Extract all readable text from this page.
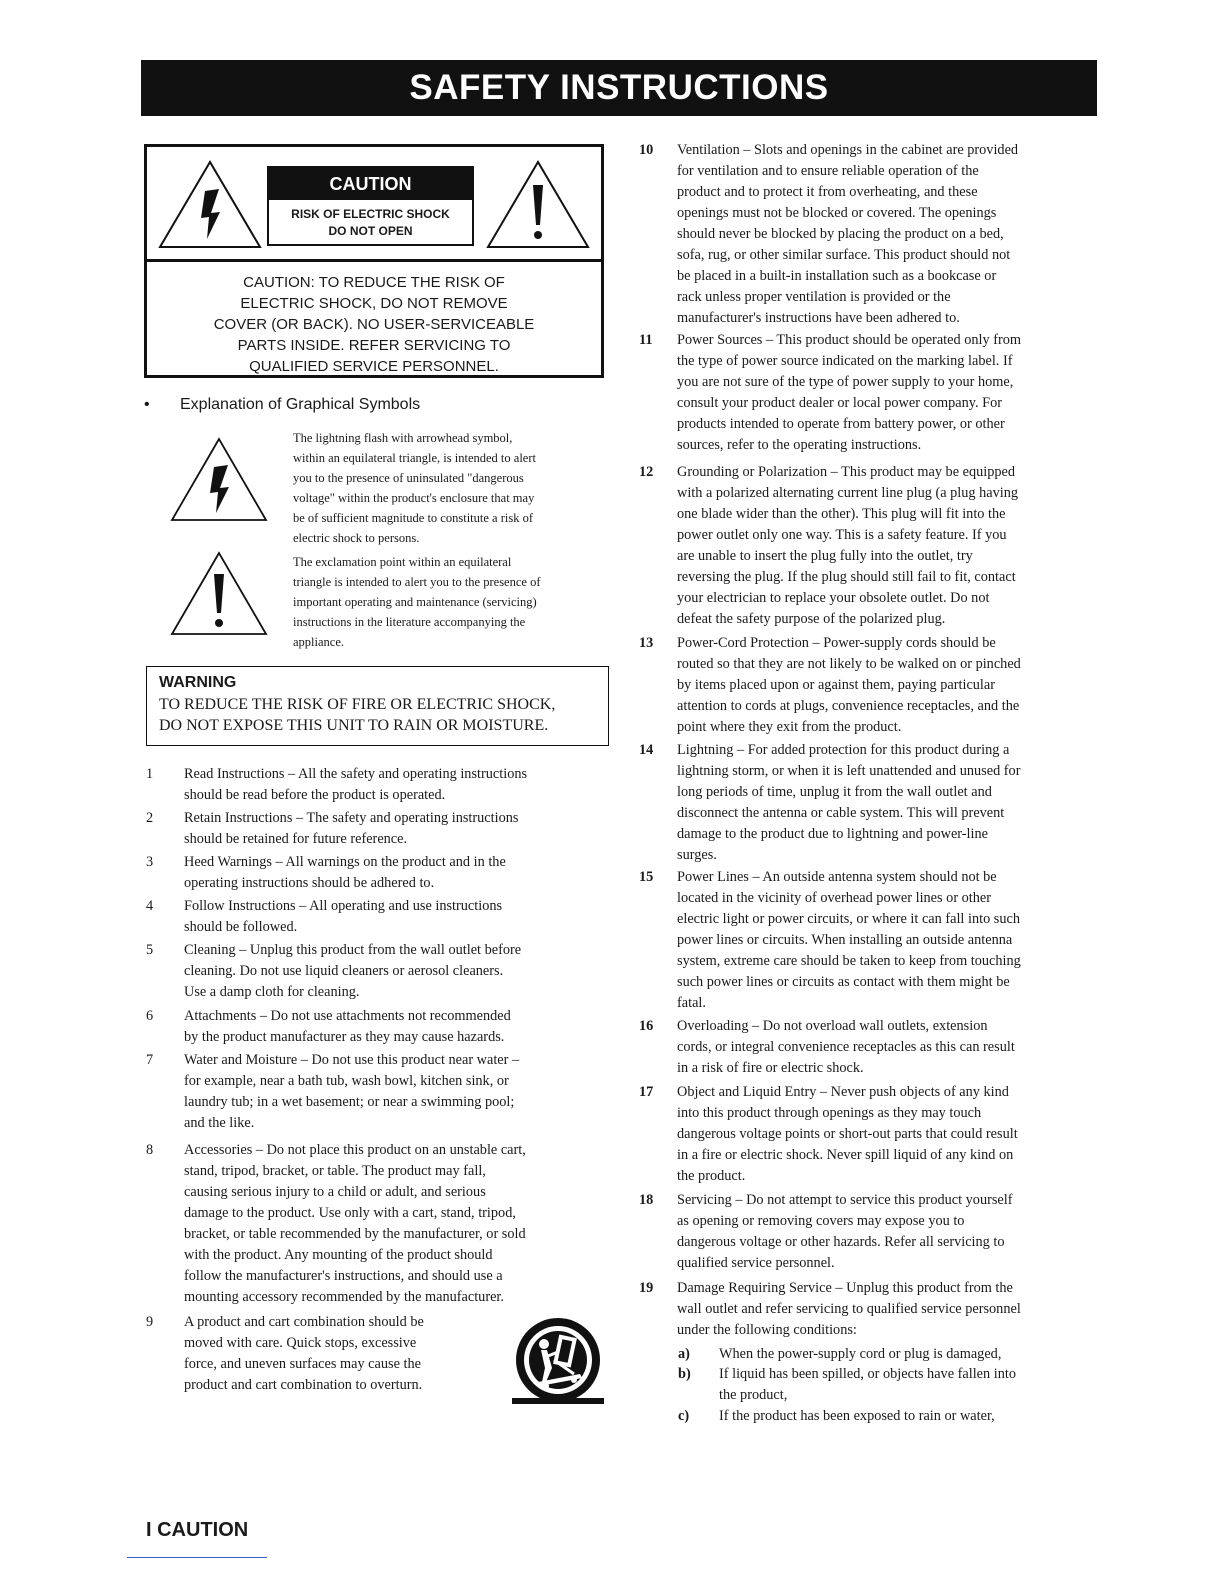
SAFETY INSTRUCTIONS
CAUTION
RISK OF ELECTRIC SHOCK
DO NOT OPEN
CAUTION: TO REDUCE THE RISK OF
ELECTRIC SHOCK, DO NOT REMOVE
COVER (OR BACK). NO USER-SERVICEABLE
PARTS INSIDE. REFER SERVICING TO
QUALIFIED SERVICE PERSONNEL.
• Explanation of Graphical Symbols
The lightning flash with arrowhead symbol,
within an equilateral triangle, is intended to alert
you to the presence of uninsulated "dangerous
voltage" within the product's enclosure that may
be of sufficient magnitude to constitute a risk of
electric shock to persons.
The exclamation point within an equilateral
triangle is intended to alert you to the presence of
important operating and maintenance (servicing)
instructions in the literature accompanying the
appliance.
WARNING
TO REDUCE THE RISK OF FIRE OR ELECTRIC SHOCK,
DO NOT EXPOSE THIS UNIT TO RAIN OR MOISTURE.
1 Read Instructions – All the safety and operating instructions
should be read before the product is operated.
2 Retain Instructions – The safety and operating instructions
should be retained for future reference.
3 Heed Warnings – All warnings on the product and in the
operating instructions should be adhered to.
4 Follow Instructions – All operating and use instructions
should be followed.
5 Cleaning – Unplug this product from the wall outlet before
cleaning. Do not use liquid cleaners or aerosol cleaners.
Use a damp cloth for cleaning.
6 Attachments – Do not use attachments not recommended
by the product manufacturer as they may cause hazards.
7 Water and Moisture – Do not use this product near water –
for example, near a bath tub, wash bowl, kitchen sink, or
laundry tub; in a wet basement; or near a swimming pool;
and the like.
8 Accessories – Do not place this product on an unstable cart,
stand, tripod, bracket, or table. The product may fall,
causing serious injury to a child or adult, and serious
damage to the product. Use only with a cart, stand, tripod,
bracket, or table recommended by the manufacturer, or sold
with the product. Any mounting of the product should
follow the manufacturer's instructions, and should use a
mounting accessory recommended by the manufacturer.
9 A product and cart combination should be
moved with care. Quick stops, excessive
force, and uneven surfaces may cause the
product and cart combination to overturn.
10 Ventilation – Slots and openings in the cabinet are provided
for ventilation and to ensure reliable operation of the
product and to protect it from overheating, and these
openings must not be blocked or covered. The openings
should never be blocked by placing the product on a bed,
sofa, rug, or other similar surface. This product should not
be placed in a built-in installation such as a bookcase or
rack unless proper ventilation is provided or the
manufacturer's instructions have been adhered to.
11 Power Sources – This product should be operated only from
the type of power source indicated on the marking label. If
you are not sure of the type of power supply to your home,
consult your product dealer or local power company. For
products intended to operate from battery power, or other
sources, refer to the operating instructions.
12 Grounding or Polarization – This product may be equipped
with a polarized alternating current line plug (a plug having
one blade wider than the other). This plug will fit into the
power outlet only one way. This is a safety feature. If you
are unable to insert the plug fully into the outlet, try
reversing the plug. If the plug should still fail to fit, contact
your electrician to replace your obsolete outlet. Do not
defeat the safety purpose of the polarized plug.
13 Power-Cord Protection – Power-supply cords should be
routed so that they are not likely to be walked on or pinched
by items placed upon or against them, paying particular
attention to cords at plugs, convenience receptacles, and the
point where they exit from the product.
14 Lightning – For added protection for this product during a
lightning storm, or when it is left unattended and unused for
long periods of time, unplug it from the wall outlet and
disconnect the antenna or cable system. This will prevent
damage to the product due to lightning and power-line
surges.
15 Power Lines – An outside antenna system should not be
located in the vicinity of overhead power lines or other
electric light or power circuits, or where it can fall into such
power lines or circuits. When installing an outside antenna
system, extreme care should be taken to keep from touching
such power lines or circuits as contact with them might be
fatal.
16 Overloading – Do not overload wall outlets, extension
cords, or integral convenience receptacles as this can result
in a risk of fire or electric shock.
17 Object and Liquid Entry – Never push objects of any kind
into this product through openings as they may touch
dangerous voltage points or short-out parts that could result
in a fire or electric shock. Never spill liquid of any kind on
the product.
18 Servicing – Do not attempt to service this product yourself
as opening or removing covers may expose you to
dangerous voltage or other hazards. Refer all servicing to
qualified service personnel.
19 Damage Requiring Service – Unplug this product from the
wall outlet and refer servicing to qualified service personnel
under the following conditions:
a) When the power-supply cord or plug is damaged,
b) If liquid has been spilled, or objects have fallen into
the product,
c) If the product has been exposed to rain or water,
I CAUTION
